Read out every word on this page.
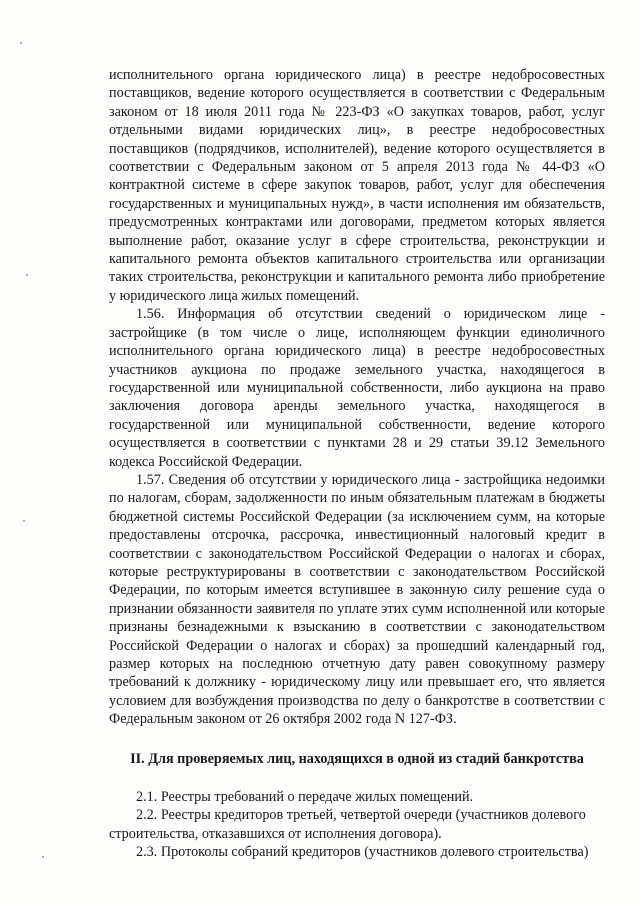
исполнительного органа юридического лица) в реестре недобросовестных поставщиков, ведение которого осуществляется в соответствии с Федеральным законом от 18 июля 2011 года № 223-ФЗ «О закупках товаров, работ, услуг отдельными видами юридических лиц», в реестре недобросовестных поставщиков (подрядчиков, исполнителей), ведение которого осуществляется в соответствии с Федеральным законом от 5 апреля 2013 года № 44-ФЗ «О контрактной системе в сфере закупок товаров, работ, услуг для обеспечения государственных и муниципальных нужд», в части исполнения им обязательств, предусмотренных контрактами или договорами, предметом которых является выполнение работ, оказание услуг в сфере строительства, реконструкции и капитального ремонта объектов капитального строительства или организации таких строительства, реконструкции и капитального ремонта либо приобретение у юридического лица жилых помещений.

1.56. Информация об отсутствии сведений о юридическом лице - застройщике (в том числе о лице, исполняющем функции единоличного исполнительного органа юридического лица) в реестре недобросовестных участников аукциона по продаже земельного участка, находящегося в государственной или муниципальной собственности, либо аукциона на право заключения договора аренды земельного участка, находящегося в государственной или муниципальной собственности, ведение которого осуществляется в соответствии с пунктами 28 и 29 статьи 39.12 Земельного кодекса Российской Федерации.

1.57. Сведения об отсутствии у юридического лица - застройщика недоимки по налогам, сборам, задолженности по иным обязательным платежам в бюджеты бюджетной системы Российской Федерации (за исключением сумм, на которые предоставлены отсрочка, рассрочка, инвестиционный налоговый кредит в соответствии с законодательством Российской Федерации о налогах и сборах, которые реструктурированы в соответствии с законодательством Российской Федерации, по которым имеется вступившее в законную силу решение суда о признании обязанности заявителя по уплате этих сумм исполненной или которые признаны безнадежными к взысканию в соответствии с законодательством Российской Федерации о налогах и сборах) за прошедший календарный год, размер которых на последнюю отчетную дату равен совокупному размеру требований к должнику - юридическому лицу или превышает его, что является условием для возбуждения производства по делу о банкротстве в соответствии с Федеральным законом от 26 октября 2002 года N 127-ФЗ.

II. Для проверяемых лиц, находящихся в одной из стадий банкротства

2.1. Реестры требований о передаче жилых помещений.

2.2. Реестры кредиторов третьей, четвертой очереди (участников долевого строительства, отказавшихся от исполнения договора).

2.3. Протоколы собраний кредиторов (участников долевого строительства)
